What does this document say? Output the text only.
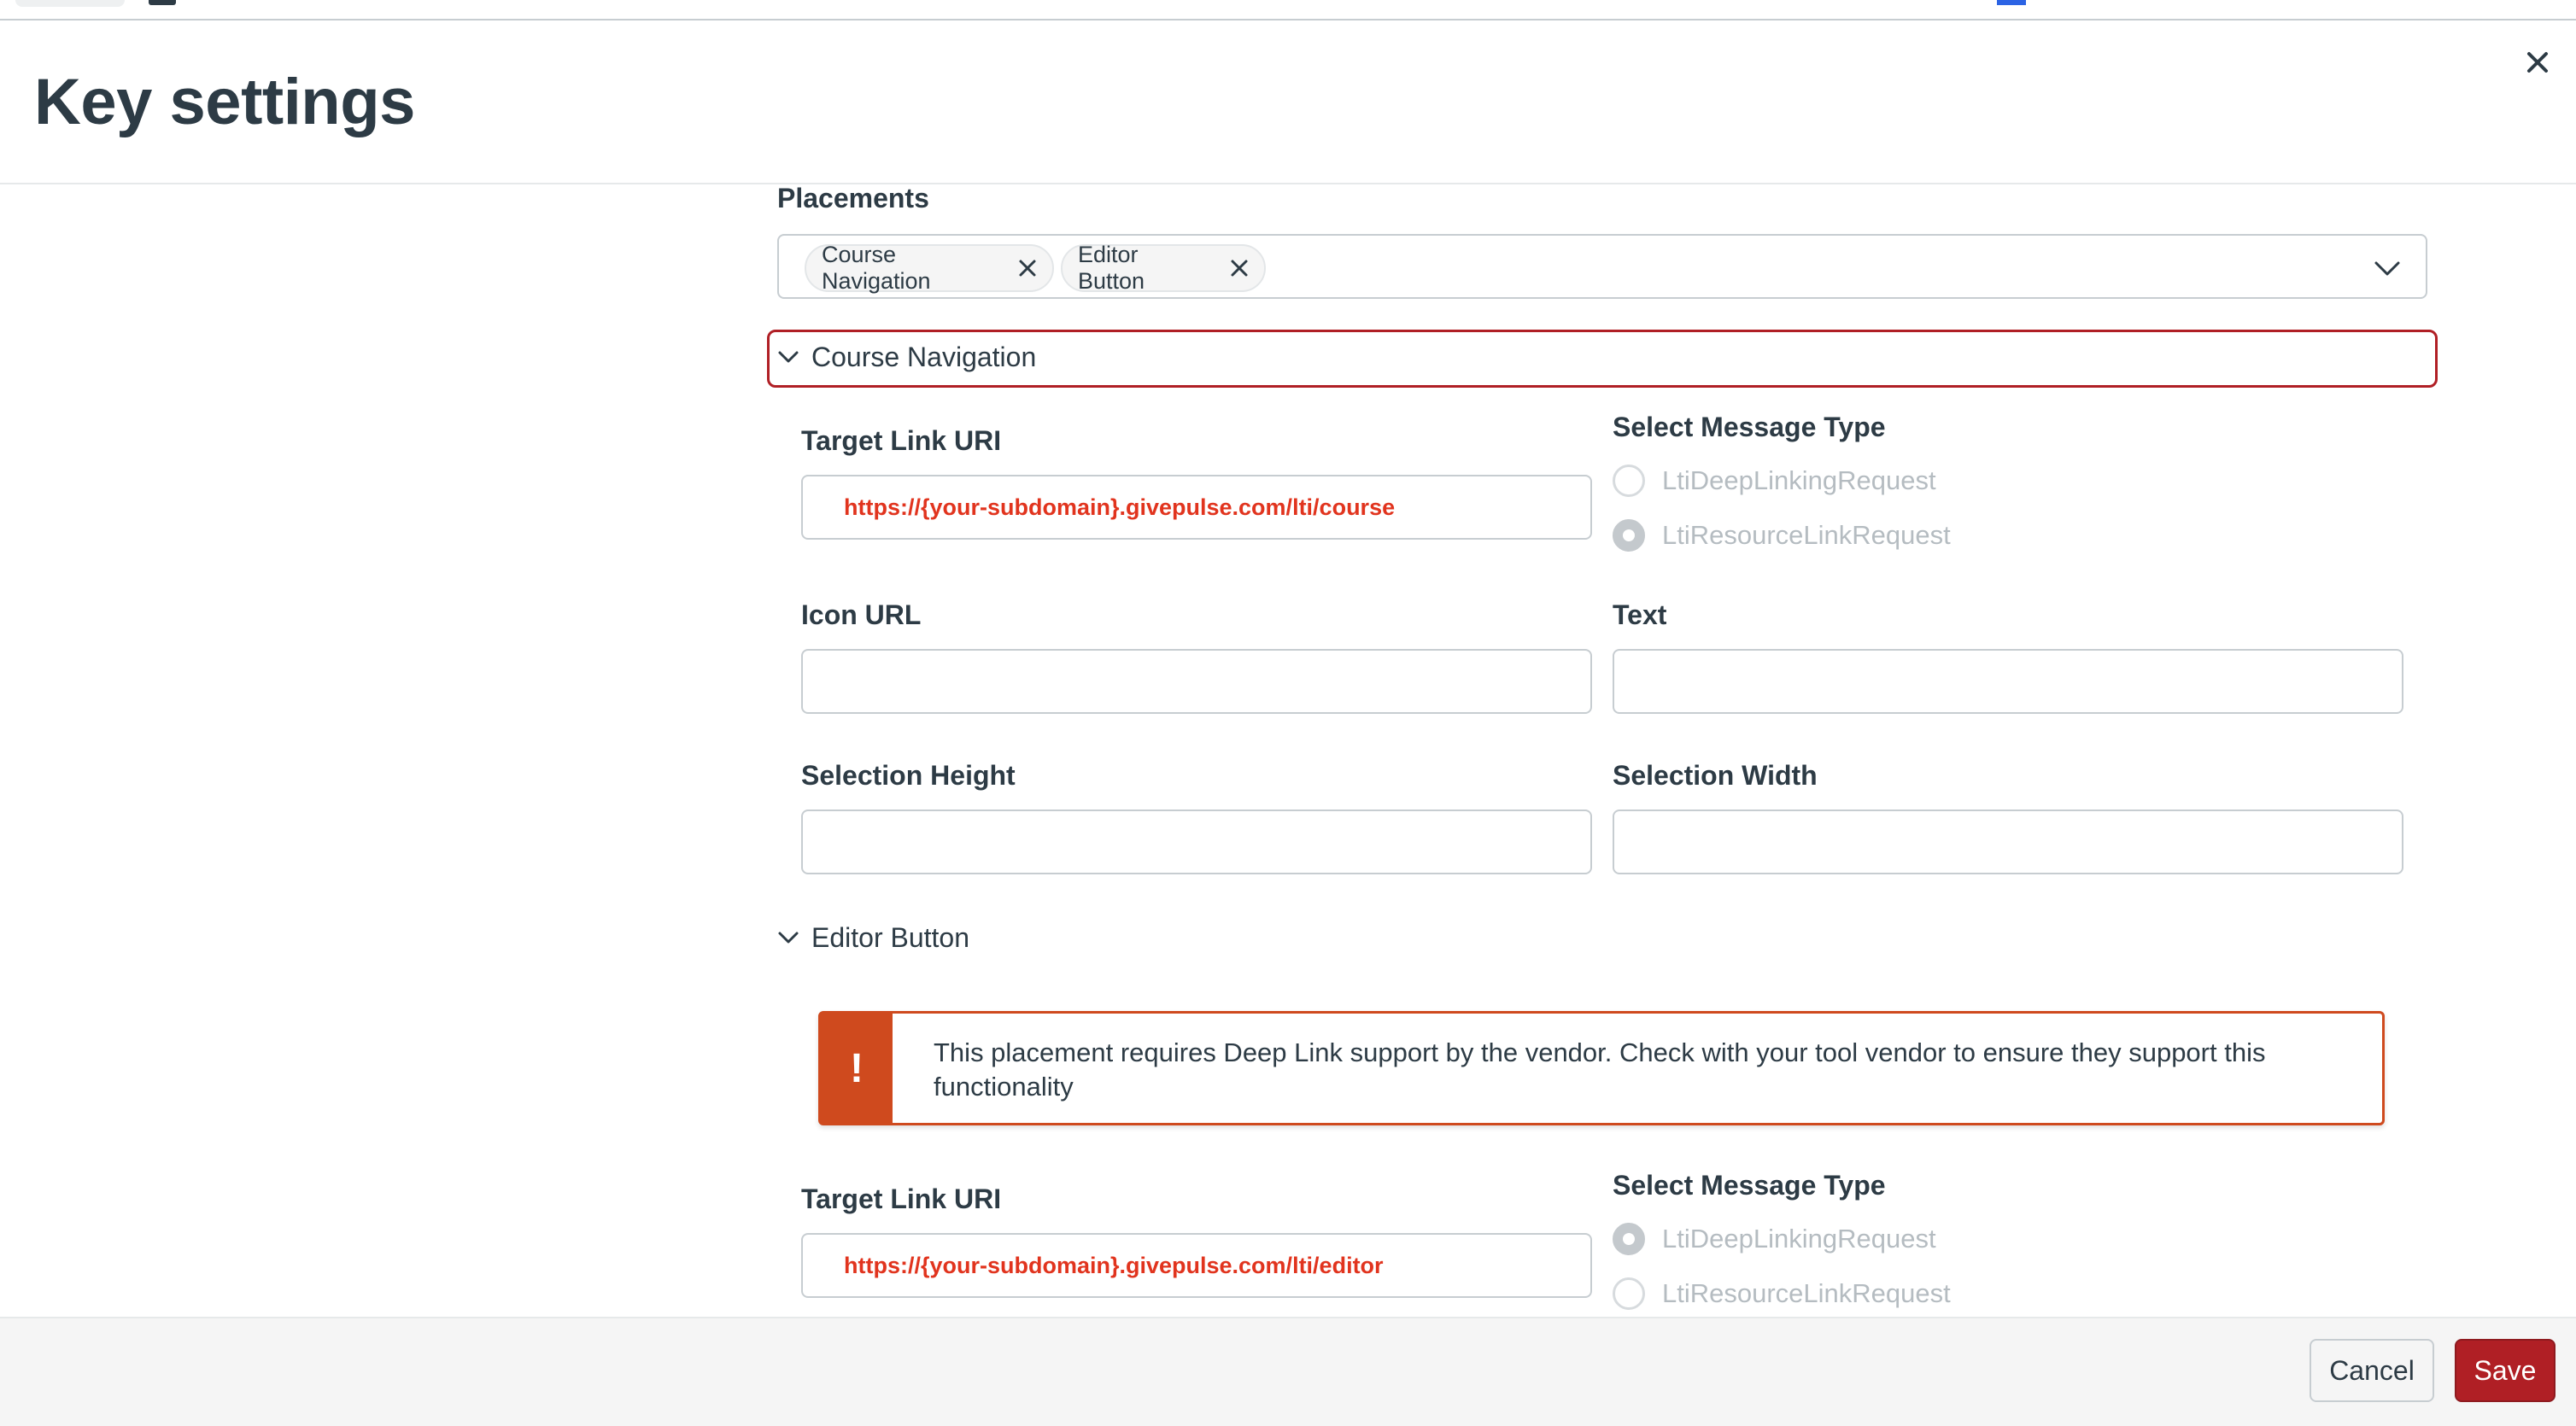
Key settings
Placements
Course Navigation
Editor Button
Course Navigation
Target Link URI
https://{your-subdomain}.givepulse.com/lti/course
Select Message Type
LtiDeepLinkingRequest
LtiResourceLinkRequest
Icon URL	Text
Selection Height	Selection Width
Editor Button
!	This placement requires Deep Link support by the vendor. Check with your tool vendor to ensure they support this functionality
Target Link URI
https://{your-subdomain}.givepulse.com/lti/editor
Select Message Type
LtiDeepLinkingRequest
LtiResourceLinkRequest
Cancel	Save
